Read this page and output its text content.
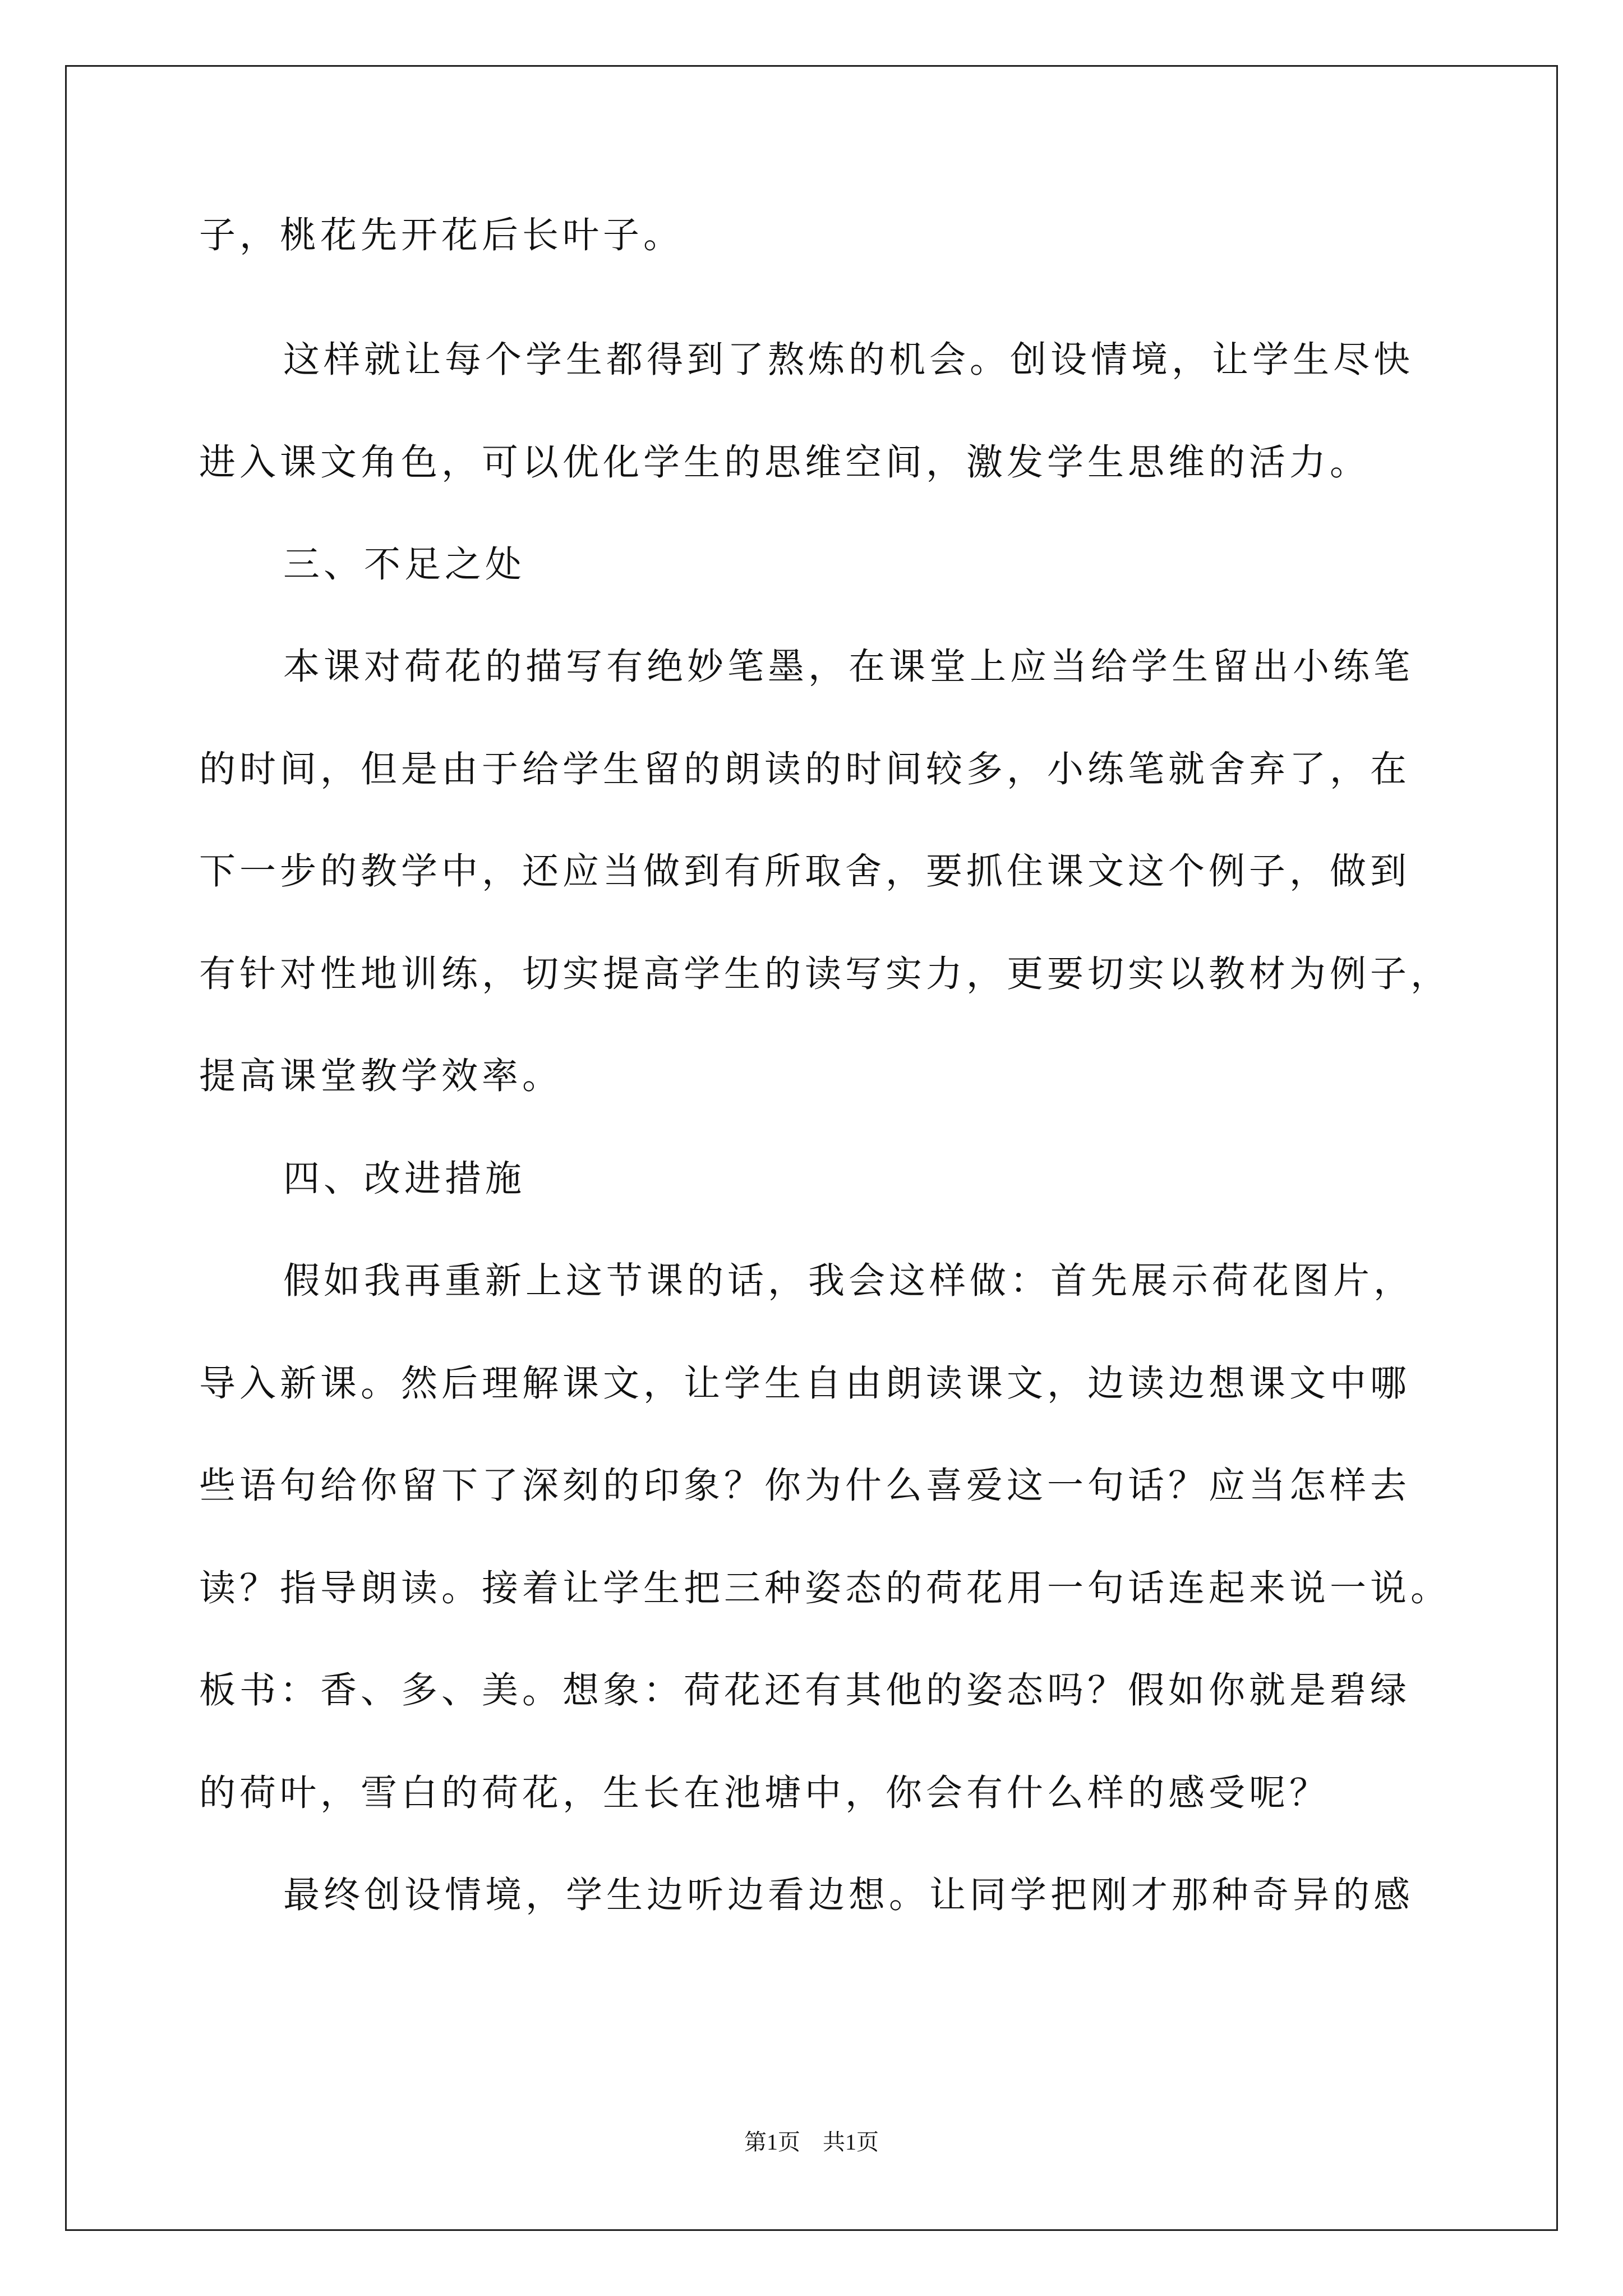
子，桃花先开花后长叶子。
这样就让每个学生都得到了熬炼的机会。创设情境，让学生尽快
进入课文角色，可以优化学生的思维空间，激发学生思维的活力。
三、不足之处
本课对荷花的描写有绝妙笔墨，在课堂上应当给学生留出小练笔
的时间，但是由于给学生留的朗读的时间较多，小练笔就舍弃了，在
下一步的教学中，还应当做到有所取舍，要抓住课文这个例子，做到
有针对性地训练，切实提高学生的读写实力，更要切实以教材为例子，
提高课堂教学效率。
四、改进措施
假如我再重新上这节课的话，我会这样做：首先展示荷花图片，
导入新课。然后理解课文，让学生自由朗读课文，边读边想课文中哪
些语句给你留下了深刻的印象？你为什么喜爱这一句话？应当怎样去
读？指导朗读。接着让学生把三种姿态的荷花用一句话连起来说一说。
板书：香、多、美。想象：荷花还有其他的姿态吗？假如你就是碧绿
的荷叶，雪白的荷花，生长在池塘中，你会有什么样的感受呢？
最终创设情境，学生边听边看边想。让同学把刚才那种奇异的感
第1页　共1页
